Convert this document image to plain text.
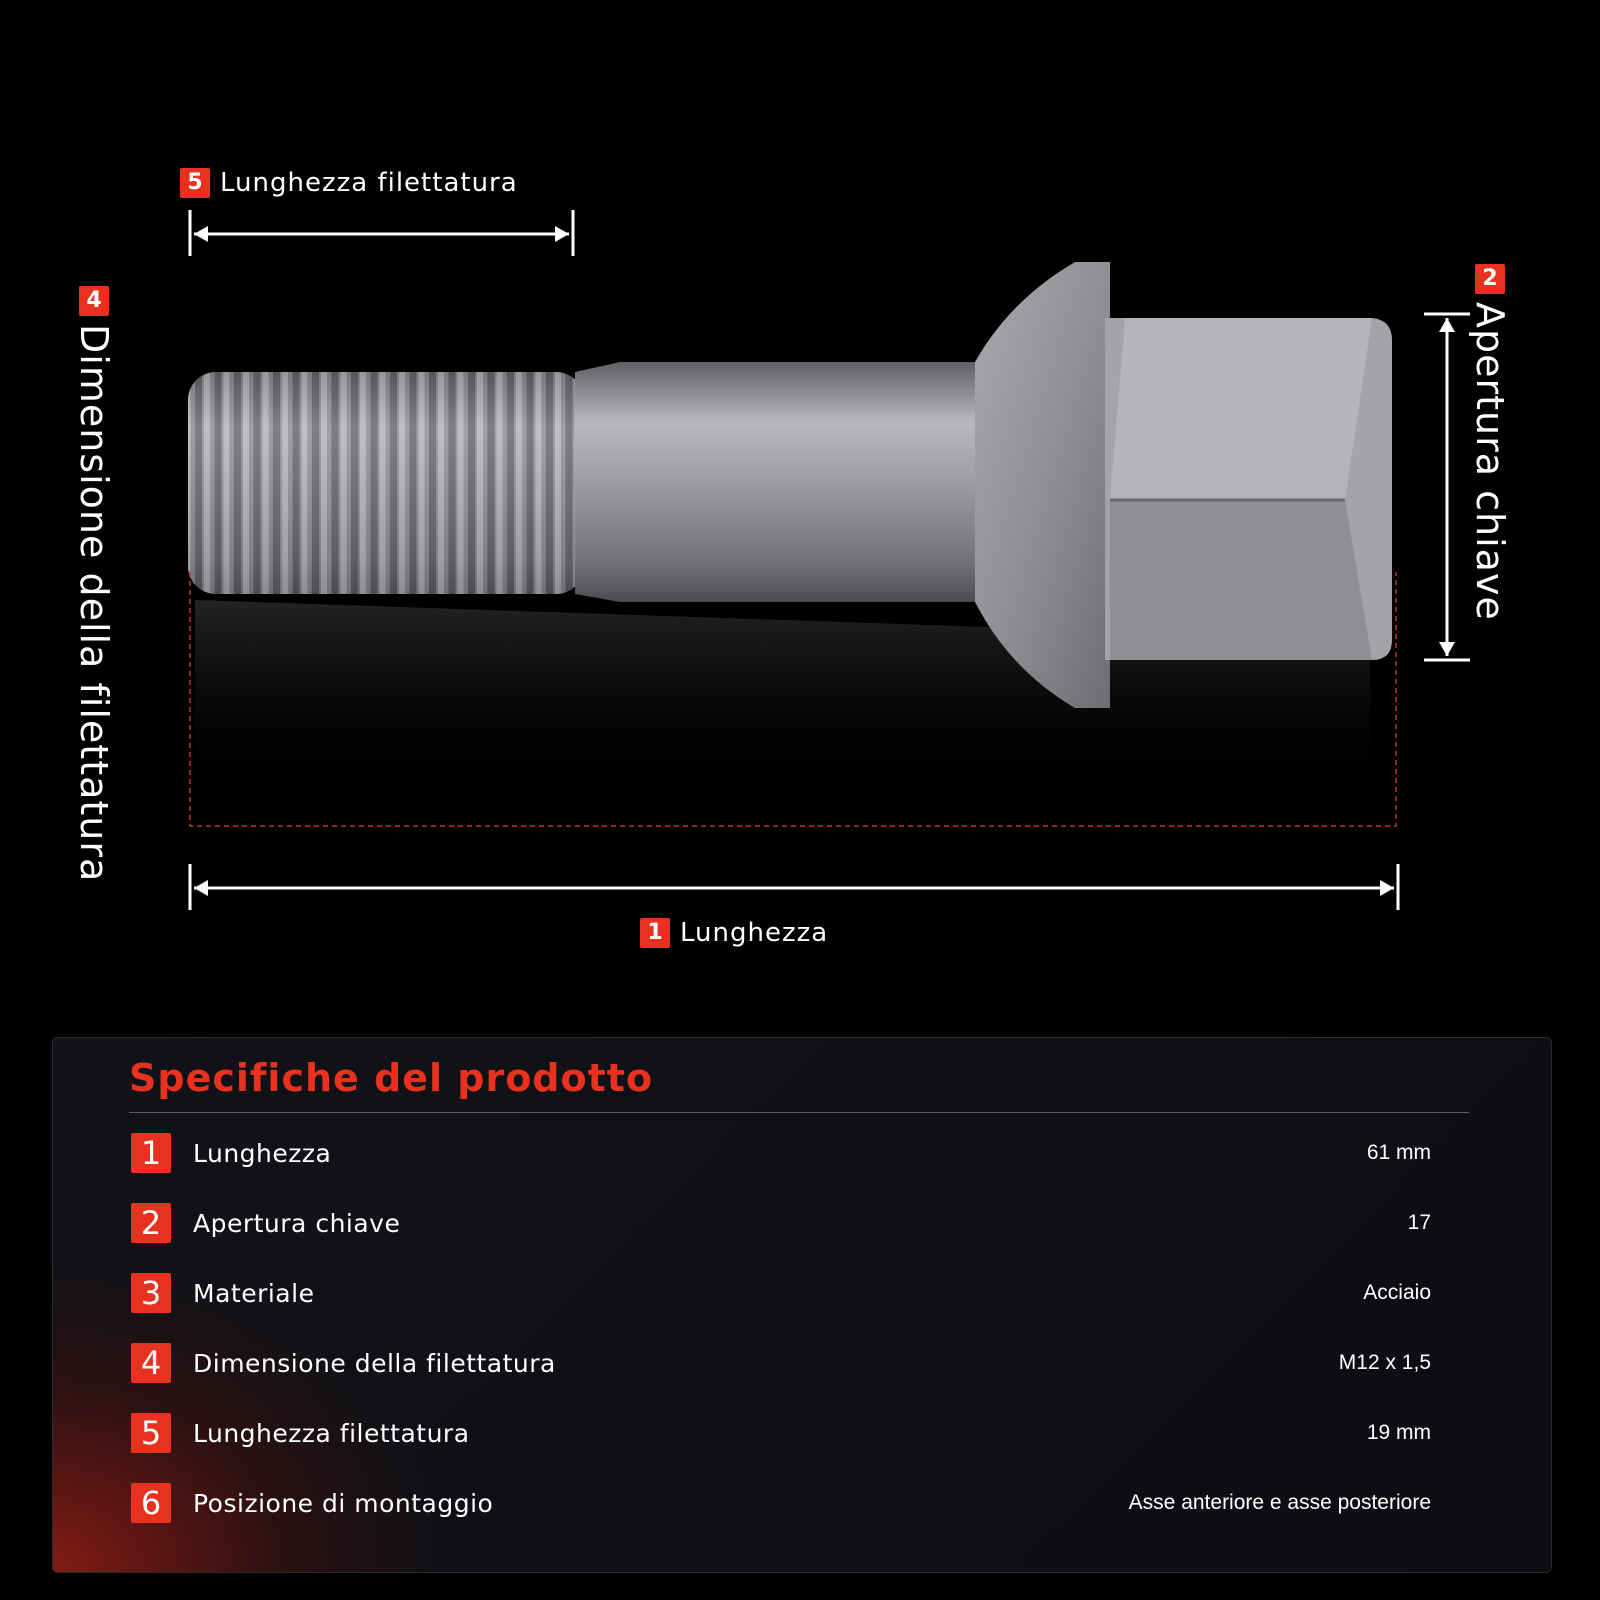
5 Lunghezza filettatura
1 Lunghezza
4
Dimensione della filettatura
2
Apertura chiave
Specifiche del prodotto
1	Lunghezza	61 mm
2	Apertura chiave	17
3	Materiale	Acciaio
4	Dimensione della filettatura	M12 x 1,5
5	Lunghezza filettatura	19 mm
6	Posizione di montaggio	Asse anteriore e asse posteriore
